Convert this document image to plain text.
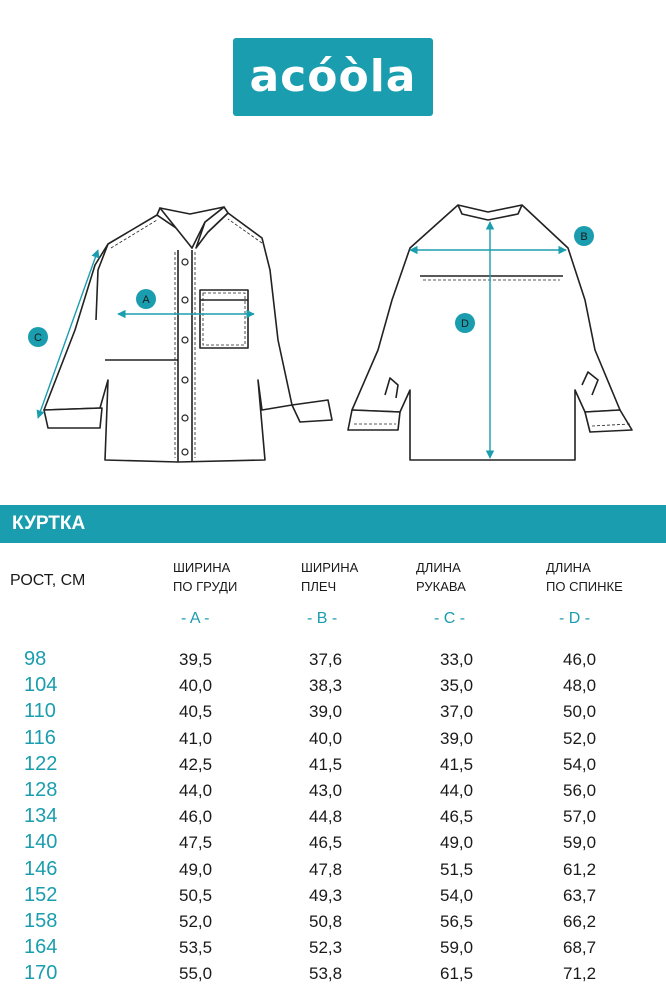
acóòla
A
B
C
D
КУРТКА
РОСТ, СМ
ШИРИНА
ПО ГРУДИ
ШИРИНА
ПЛЕЧ
ДЛИНА
РУКАВА
ДЛИНА
ПО СПИНКЕ
- A -	- B -	- C -	- D -
98	39,5	37,6	33,0	46,0
104	40,0	38,3	35,0	48,0
110	40,5	39,0	37,0	50,0
116	41,0	40,0	39,0	52,0
122	42,5	41,5	41,5	54,0
128	44,0	43,0	44,0	56,0
134	46,0	44,8	46,5	57,0
140	47,5	46,5	49,0	59,0
146	49,0	47,8	51,5	61,2
152	50,5	49,3	54,0	63,7
158	52,0	50,8	56,5	66,2
164	53,5	52,3	59,0	68,7
170	55,0	53,8	61,5	71,2
